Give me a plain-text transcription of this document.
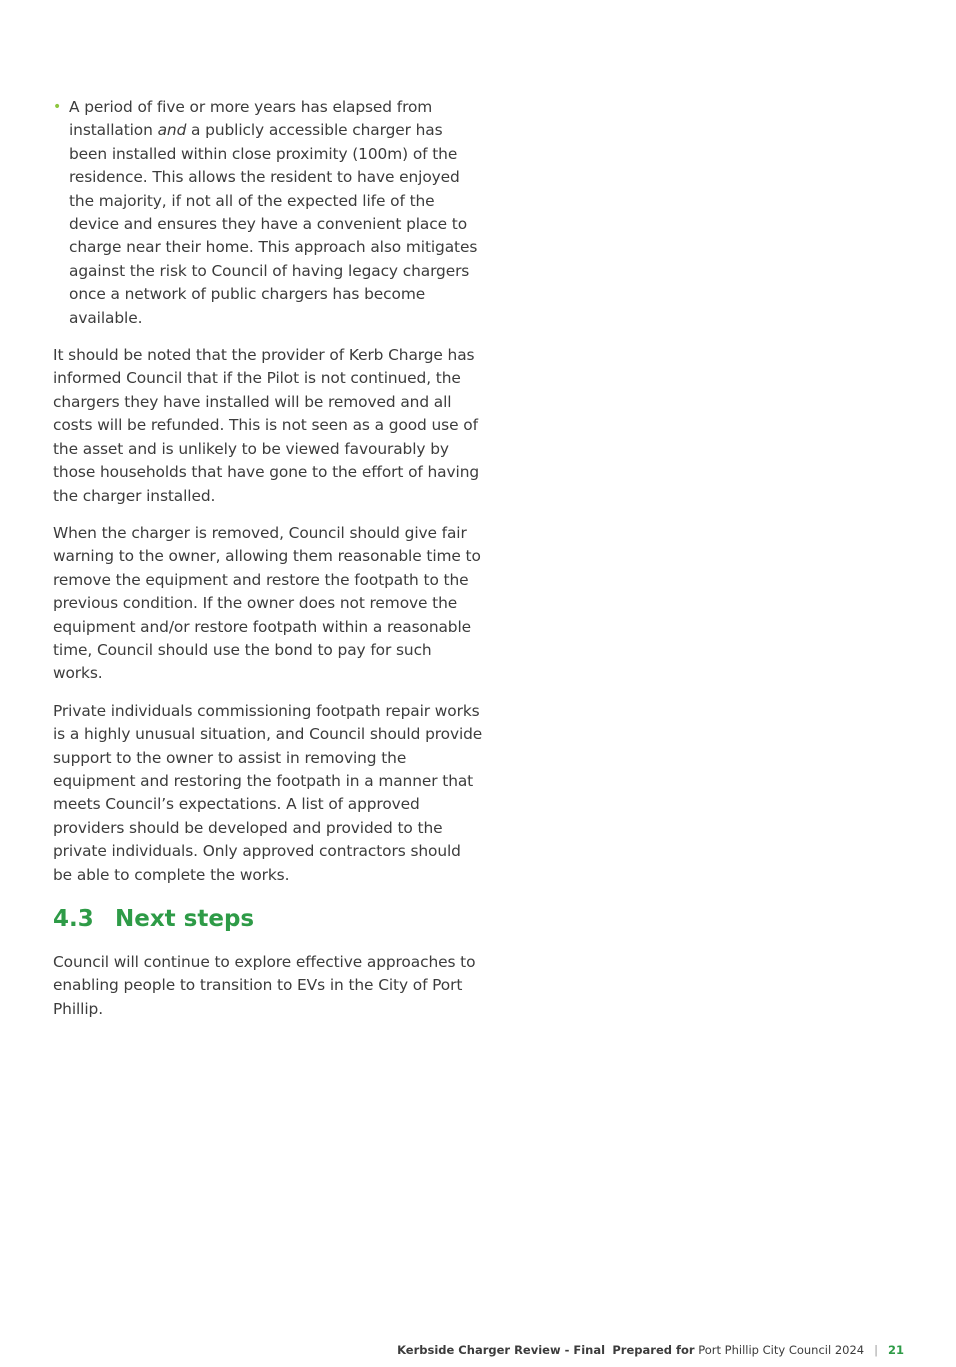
• A period of five or more years has elapsed from installation and a publicly accessible charger has been installed within close proximity (100m) of the residence. This allows the resident to have enjoyed the majority, if not all of the expected life of the device and ensures they have a convenient place to charge near their home. This approach also mitigates against the risk to Council of having legacy chargers once a network of public chargers has become available.

It should be noted that the provider of Kerb Charge has informed Council that if the Pilot is not continued, the chargers they have installed will be removed and all costs will be refunded. This is not seen as a good use of the asset and is unlikely to be viewed favourably by those households that have gone to the effort of having the charger installed.

When the charger is removed, Council should give fair warning to the owner, allowing them reasonable time to remove the equipment and restore the footpath to the previous condition. If the owner does not remove the equipment and/or restore footpath within a reasonable time, Council should use the bond to pay for such works.

Private individuals commissioning footpath repair works is a highly unusual situation, and Council should provide support to the owner to assist in removing the equipment and restoring the footpath in a manner that meets Council’s expectations. A list of approved providers should be developed and provided to the private individuals. Only approved contractors should be able to complete the works.

4.3 Next steps

Council will continue to explore effective approaches to enabling people to transition to EVs in the City of Port Phillip.

Kerbside Charger Review - Final Prepared for Port Phillip City Council 2024 | 21
